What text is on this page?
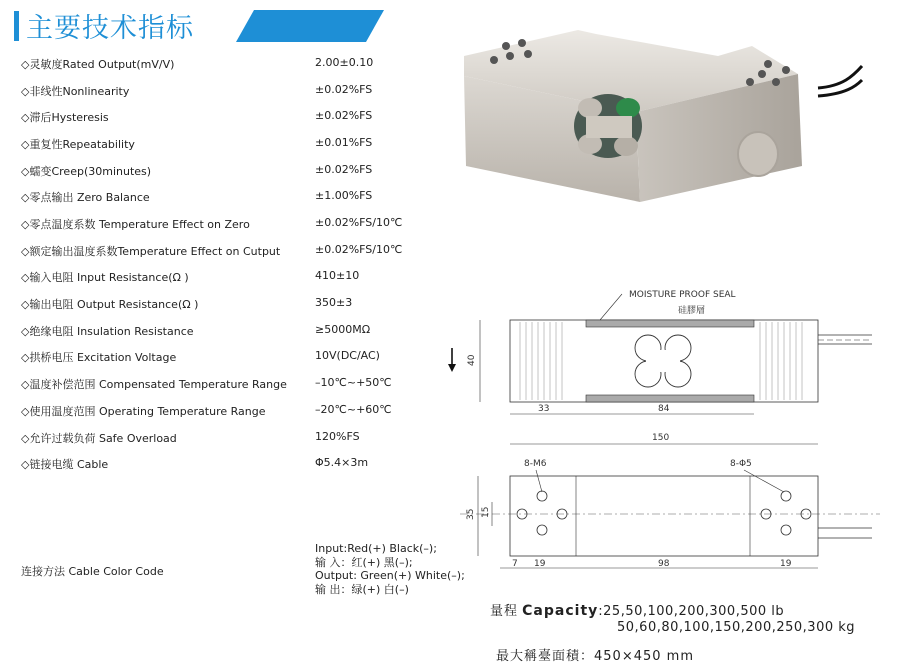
主要技术指标
◇灵敏度Rated Output(mV/V)	2.00±0.10
◇非线性Nonlinearity	±0.02%FS
◇滞后Hysteresis	±0.02%FS
◇重复性Repeatability	±0.01%FS
◇蠕变Creep(30minutes)	±0.02%FS
◇零点输出 Zero Balance	±1.00%FS
◇零点温度系数 Temperature Effect on Zero	±0.02%FS/10℃
◇额定输出温度系数Temperature Effect on Cutput	±0.02%FS/10℃
◇输入电阻 Input Resistance(Ω )	410±10
◇输出电阻 Output Resistance(Ω )	350±3
◇绝缘电阻 Insulation Resistance	≥5000MΩ
◇拱桥电压 Excitation Voltage	10V(DC/AC)
◇温度补偿范围 Compensated Temperature Range	–10℃~+50℃
◇使用温度范围 Operating Temperature Range	–20℃~+60℃
◇允许过载负荷 Safe Overload	120%FS
◇链接电缆 Cable	Φ5.4×3m
连接方法 Cable Color Code
Input:Red(+) Black(–);
输 入：红(+) 黑(–);
Output: Green(+) White(–);
输 出：绿(+) 白(–)
MOISTURE PROOF SEAL
硅膠層
40
33	84
150
8-M6	8-Φ5
35 15
7 19	98	19
量程 Capacity:25,50,100,200,300,500 lb
50,60,80,100,150,200,250,300 kg
最大稱臺面積：450×450 mm
